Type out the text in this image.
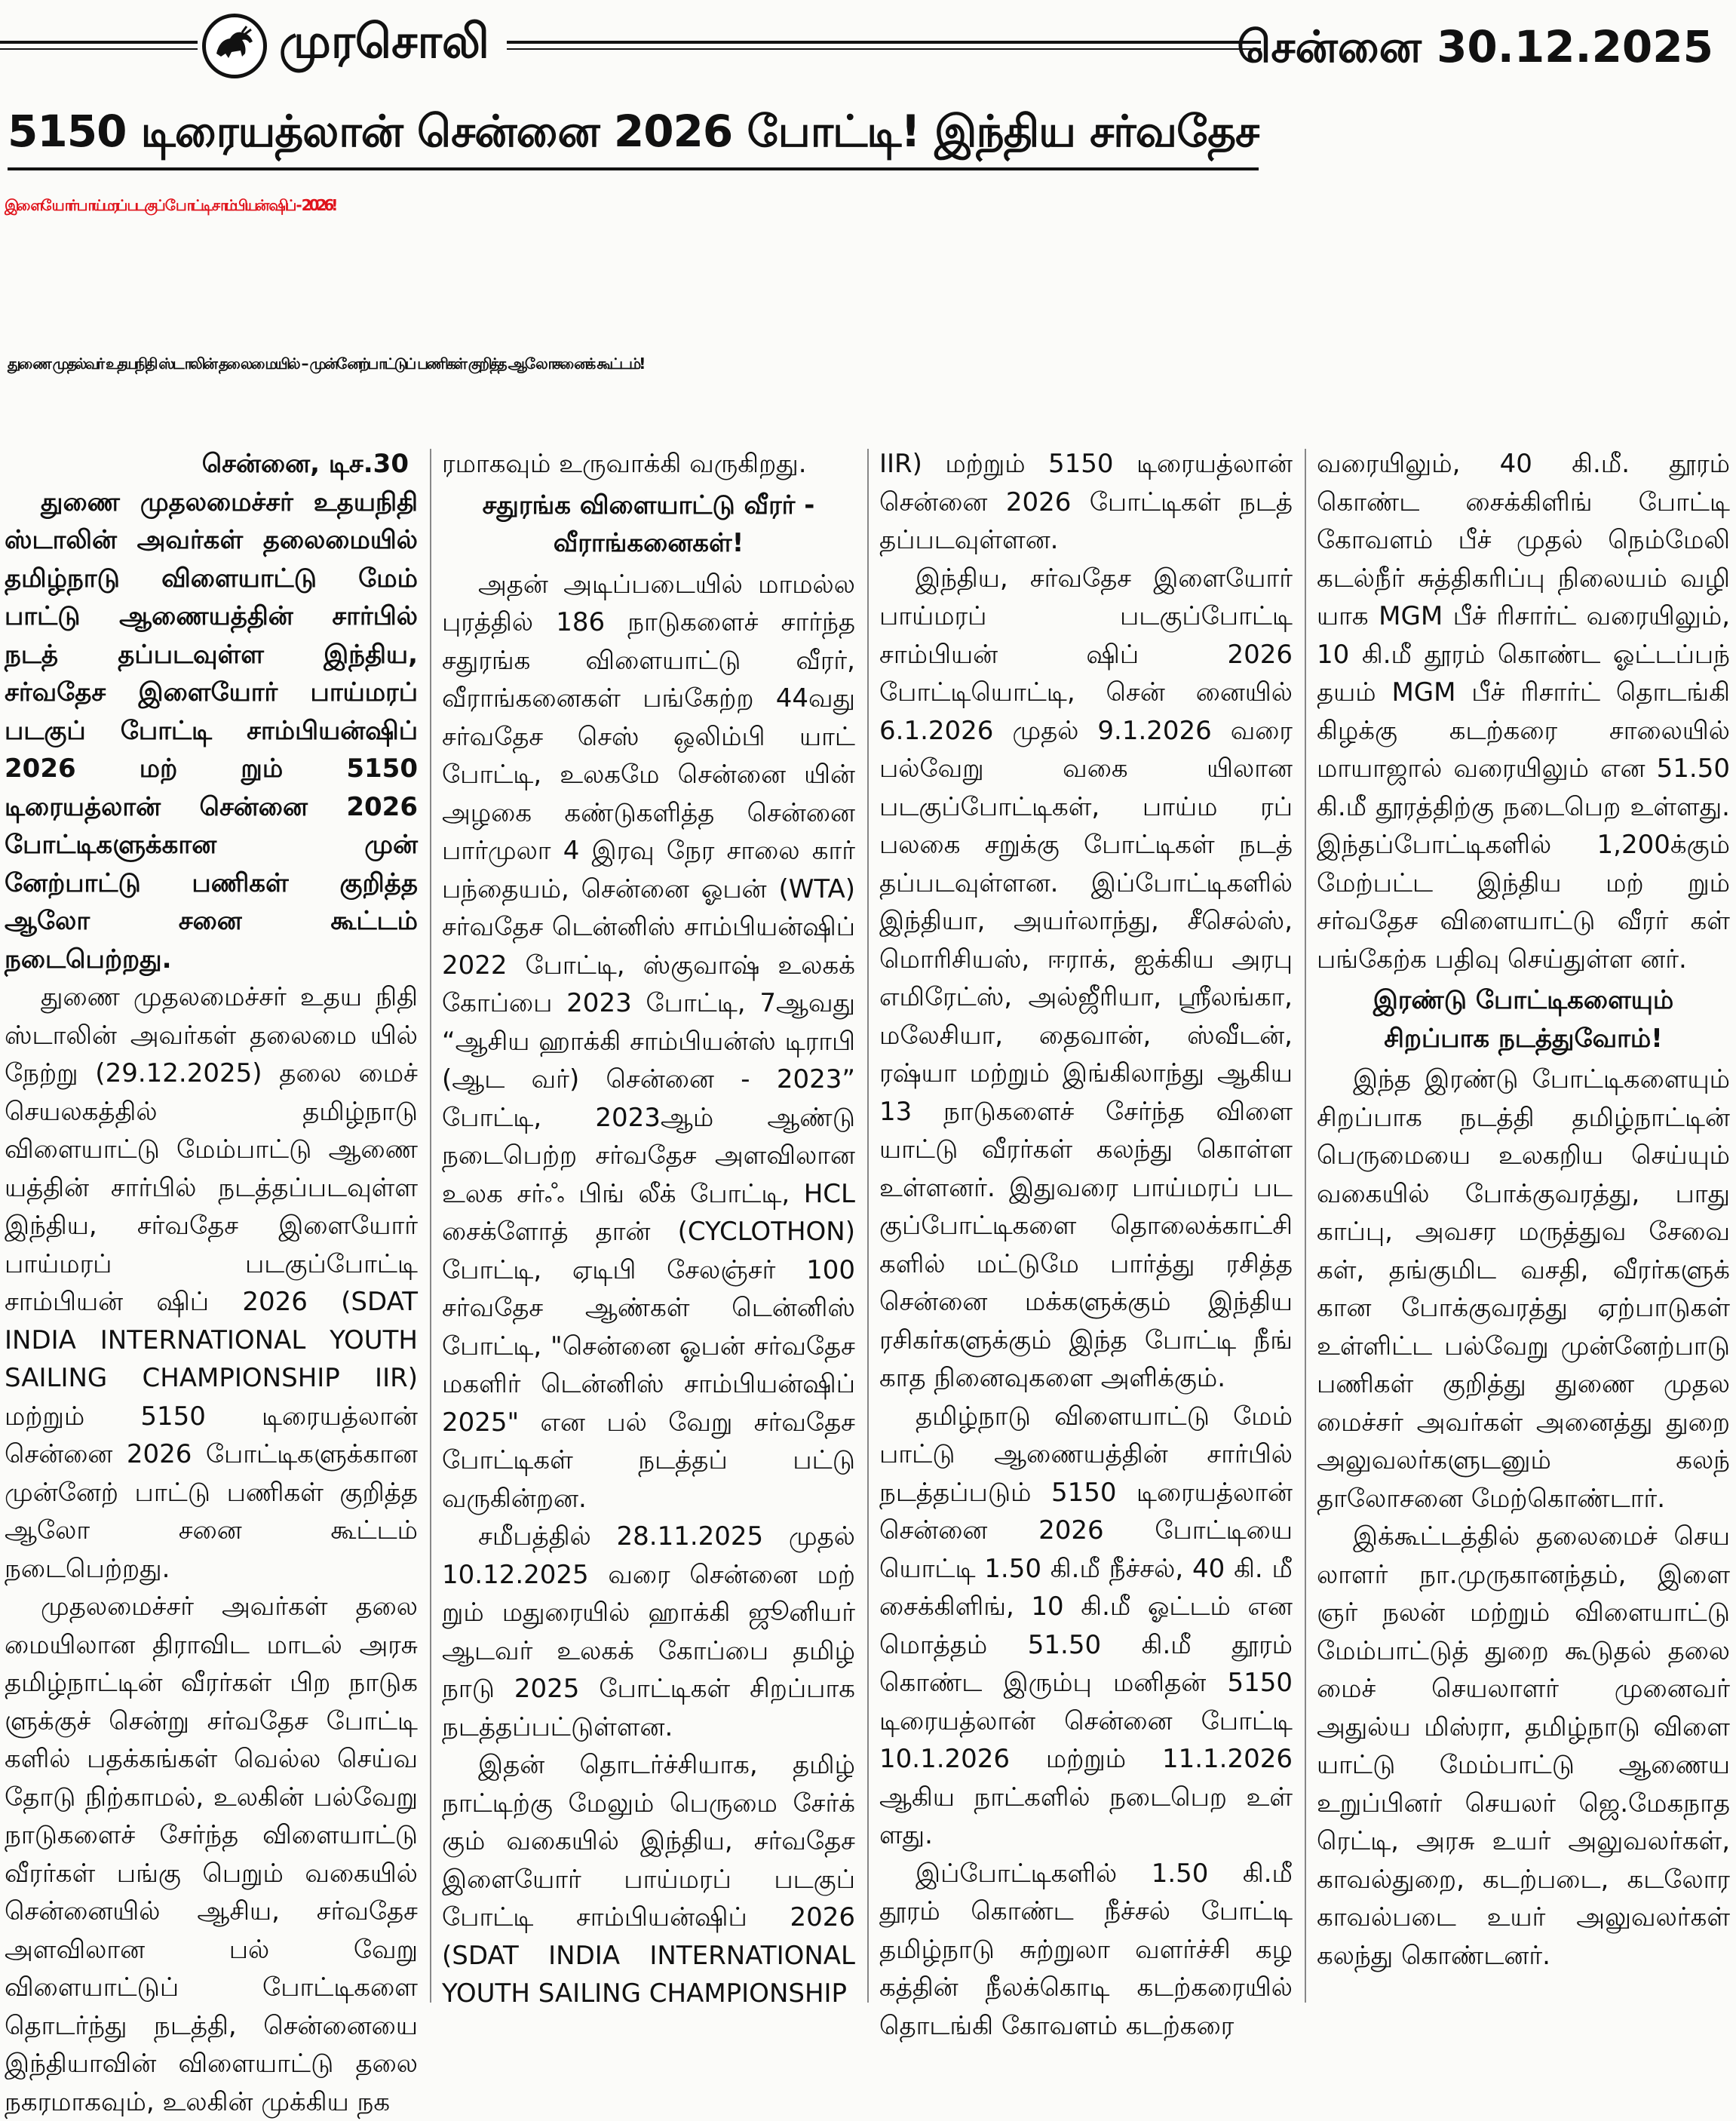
முரசொலி	சென்னை 30.12.2025
5150 டிரையத்லான் சென்னை 2026 போட்டி! இந்திய சர்வதேச
இளையோர் பாய்மரப் படகுப் போட்டி சாம்பியன் ஷிப் - 2026!
துணை முதல்வர் உதயநிதி ஸ்டாலின் தலைமையில் – முன்னேற்பாட்டுப் பணிகள் குறித்த ஆலோசனைக் கூட்டம்!

சென்னை, டிச.30

துணை முதலமைச்சர் உதயநிதி ஸ்டாலின் அவர்கள் தலைமையில் தமிழ்நாடு விளையாட்டு மேம் பாட்டு ஆணையத்தின் சார்பில் நடத் தப்படவுள்ள இந்திய, சர்வதேச இளையோர் பாய்மரப் படகுப் போட்டி சாம்பியன்ஷிப் 2026 மற் றும் 5150 டிரையத்லான் சென்னை 2026 போட்டிகளுக்கான முன் னேற்பாட்டு பணிகள் குறித்த ஆலோ சனை கூட்டம் நடைபெற்றது.

துணை முதலமைச்சர் உதய நிதி ஸ்டாலின் அவர்கள் தலைமை யில் நேற்று (29.12.2025) தலை மைச் செயலகத்தில் தமிழ்நாடு விளையாட்டு மேம்பாட்டு ஆணை யத்தின் சார்பில் நடத்தப்படவுள்ள இந்திய, சர்வதேச இளையோர் பாய்மரப் படகுப்போட்டி சாம்பியன் ஷிப் 2026 (SDAT INDIA INTERNATIONAL YOUTH SAILING CHAMPIONSHIP IIR) மற்றும் 5150 டிரையத்லான் சென்னை 2026 போட்டிகளுக்கான முன்னேற் பாட்டு பணிகள் குறித்த ஆலோ சனை கூட்டம் நடைபெற்றது.

முதலமைச்சர் அவர்கள் தலை மையிலான திராவிட மாடல் அரசு தமிழ்நாட்டின் வீரர்கள் பிற நாடுக ளுக்குச் சென்று சர்வதேச போட்டி களில் பதக்கங்கள் வெல்ல செய்வ தோடு நிற்காமல், உலகின் பல்வேறு நாடுகளைச் சேர்ந்த விளையாட்டு வீரர்கள் பங்கு பெறும் வகையில் சென்னையில் ஆசிய, சர்வதேச அளவிலான பல் வேறு விளையாட்டுப் போட்டிகளை தொடர்ந்து நடத்தி, சென்னையை இந்தியாவின் விளையாட்டு தலை நகரமாகவும், உலகின் முக்கிய நக

ரமாகவும் உருவாக்கி வருகிறது.

சதுரங்க விளையாட்டு வீரர் - வீராங்கனைகள்!

அதன் அடிப்படையில் மாமல்ல புரத்தில் 186 நாடுகளைச் சார்ந்த சதுரங்க விளையாட்டு வீரர், வீராங்கனைகள் பங்கேற்ற 44வது சர்வதேச செஸ் ஒலிம்பி யாட் போட்டி, உலகமே சென்னை யின் அழகை கண்டுகளித்த சென்னை பார்முலா 4 இரவு நேர சாலை கார் பந்தையம், சென்னை ஓபன் (WTA) சர்வதேச டென்னிஸ் சாம்பியன்ஷிப் 2022 போட்டி, ஸ்குவாஷ் உலகக் கோப்பை 2023 போட்டி, 7ஆவது “ஆசிய ஹாக்கி சாம்பியன்ஸ் டிராபி (ஆட வர்) சென்னை - 2023” போட்டி, 2023ஆம் ஆண்டு நடைபெற்ற சர்வதேச அளவிலான உலக சர்ஃ பிங் லீக் போட்டி, HCL சைக்ளோத் தான் (CYCLOTHON) போட்டி, ஏடிபி சேலஞ்சர் 100 சர்வதேச ஆண்கள் டென்னிஸ் போட்டி, "சென்னை ஓபன் சர்வதேச மகளிர் டென்னிஸ் சாம்பியன்ஷிப் 2025" என பல் வேறு சர்வதேச போட்டிகள் நடத்தப் பட்டு வருகின்றன.

சமீபத்தில் 28.11.2025 முதல் 10.12.2025 வரை சென்னை மற் றும் மதுரையில் ஹாக்கி ஜூனியர் ஆடவர் உலகக் கோப்பை தமிழ் நாடு 2025 போட்டிகள் சிறப்பாக நடத்தப்பட்டுள்ளன.

இதன் தொடர்ச்சியாக, தமிழ் நாட்டிற்கு மேலும் பெருமை சேர்க் கும் வகையில் இந்திய, சர்வதேச இளையோர் பாய்மரப் படகுப் போட்டி சாம்பியன்ஷிப் 2026 (SDAT INDIA INTERNATIONAL YOUTH SAILING CHAMPIONSHIP

IIR) மற்றும் 5150 டிரையத்லான் சென்னை 2026 போட்டிகள் நடத் தப்படவுள்ளன.

இந்திய, சர்வதேச இளையோர் பாய்மரப் படகுப்போட்டி சாம்பியன் ஷிப் 2026 போட்டியொட்டி, சென் னையில் 6.1.2026 முதல் 9.1.2026 வரை பல்வேறு வகை யிலான படகுப்போட்டிகள், பாய்ம ரப் பலகை சறுக்கு போட்டிகள் நடத் தப்படவுள்ளன. இப்போட்டிகளில் இந்தியா, அயர்லாந்து, சீசெல்ஸ், மொரிசியஸ், ஈராக், ஐக்கிய அரபு எமிரேட்ஸ், அல்ஜீரியா, ஸ்ரீலங்கா, மலேசியா, தைவான், ஸ்வீடன், ரஷ்யா மற்றும் இங்கிலாந்து ஆகிய 13 நாடுகளைச் சேர்ந்த விளை யாட்டு வீரர்கள் கலந்து கொள்ள உள்ளனர். இதுவரை பாய்மரப் பட குப்போட்டிகளை தொலைக்காட்சி களில் மட்டுமே பார்த்து ரசித்த சென்னை மக்களுக்கும் இந்திய ரசிகர்களுக்கும் இந்த போட்டி நீங் காத நினைவுகளை அளிக்கும்.

தமிழ்நாடு விளையாட்டு மேம் பாட்டு ஆணையத்தின் சார்பில் நடத்தப்படும் 5150 டிரையத்லான் சென்னை 2026 போட்டியை யொட்டி 1.50 கி.மீ நீச்சல், 40 கி. மீ சைக்கிளிங், 10 கி.மீ ஓட்டம் என மொத்தம் 51.50 கி.மீ தூரம் கொண்ட இரும்பு மனிதன் 5150 டிரையத்லான் சென்னை போட்டி 10.1.2026 மற்றும் 11.1.2026 ஆகிய நாட்களில் நடைபெற உள் ளது.

இப்போட்டிகளில் 1.50 கி.மீ தூரம் கொண்ட நீச்சல் போட்டி தமிழ்நாடு சுற்றுலா வளர்ச்சி கழ கத்தின் நீலக்கொடி கடற்கரையில் தொடங்கி கோவளம் கடற்கரை

வரையிலும், 40 கி.மீ. தூரம் கொண்ட சைக்கிளிங் போட்டி கோவளம் பீச் முதல் நெம்மேலி கடல்நீர் சுத்திகரிப்பு நிலையம் வழி யாக MGM பீச் ரிசார்ட் வரையிலும், 10 கி.மீ தூரம் கொண்ட ஓட்டப்பந் தயம் MGM பீச் ரிசார்ட் தொடங்கி கிழக்கு கடற்கரை சாலையில் மாயாஜால் வரையிலும் என 51.50 கி.மீ தூரத்திற்கு நடைபெற உள்ளது. இந்தப்போட்டிகளில் 1,200க்கும் மேற்பட்ட இந்திய மற் றும் சர்வதேச விளையாட்டு வீரர் கள் பங்கேற்க பதிவு செய்துள்ள னர்.

இரண்டு போட்டிகளையும் சிறப்பாக நடத்துவோம்!

இந்த இரண்டு போட்டிகளையும் சிறப்பாக நடத்தி தமிழ்நாட்டின் பெருமையை உலகறிய செய்யும் வகையில் போக்குவரத்து, பாது காப்பு, அவசர மருத்துவ சேவை கள், தங்குமிட வசதி, வீரர்களுக் கான போக்குவரத்து ஏற்பாடுகள் உள்ளிட்ட பல்வேறு முன்னேற்பாடு பணிகள் குறித்து துணை முதல மைச்சர் அவர்கள் அனைத்து துறை அலுவலர்களுடனும் கலந் தாலோசனை மேற்கொண்டார்.

இக்கூட்டத்தில் தலைமைச் செய லாளர் நா.முருகானந்தம், இளை ஞர் நலன் மற்றும் விளையாட்டு மேம்பாட்டுத் துறை கூடுதல் தலை மைச் செயலாளர் முனைவர் அதுல்ய மிஸ்ரா, தமிழ்நாடு விளை யாட்டு மேம்பாட்டு ஆணைய உறுப்பினர் செயலர் ஜெ.மேகநாத ரெட்டி, அரசு உயர் அலுவலர்கள், காவல்துறை, கடற்படை, கடலோர காவல்படை உயர் அலுவலர்கள் கலந்து கொண்டனர்.
